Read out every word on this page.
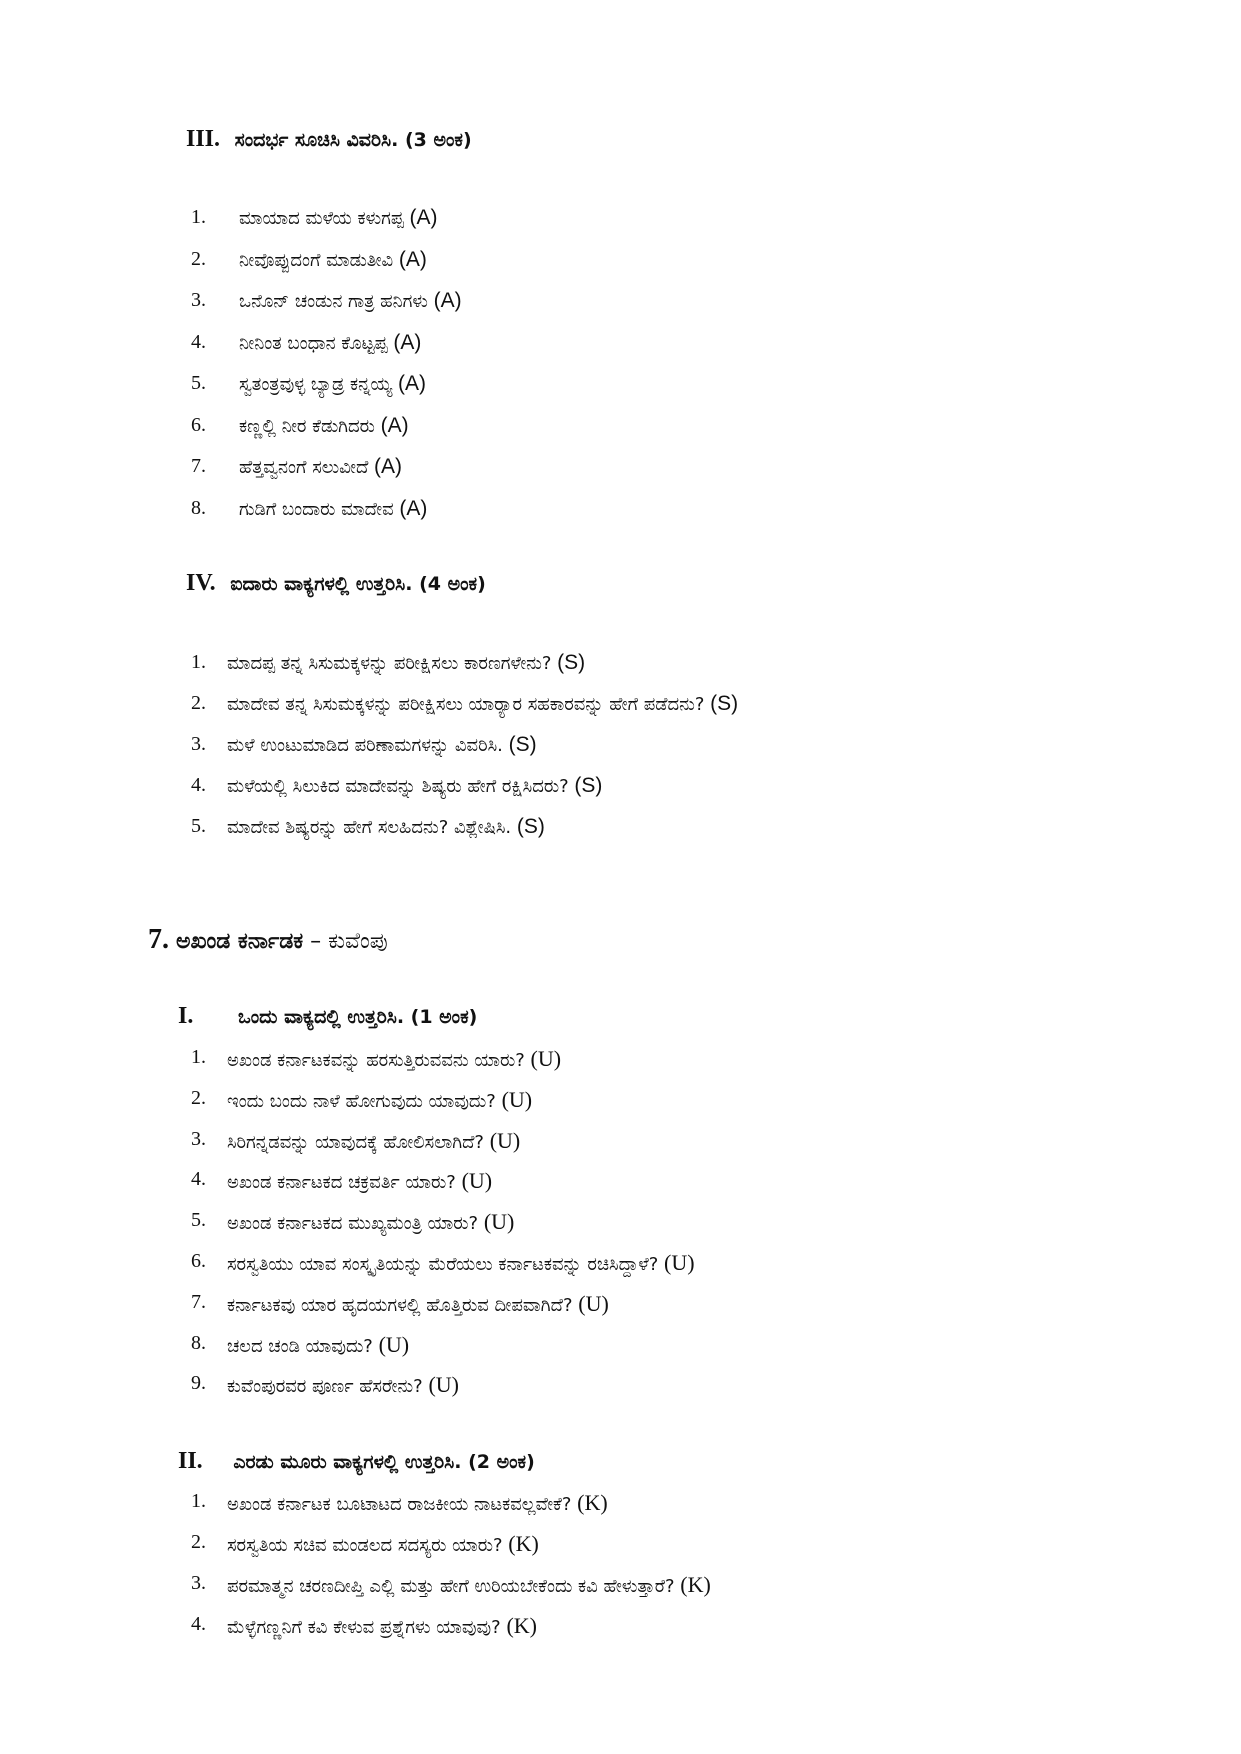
III. ಸಂದರ್ಭ ಸೂಚಿಸಿ ವಿವರಿಸಿ. (3 ಅಂಕ)
1. ಮಾಯಾದ ಮಳೆಯ ಕಳುಗಪ್ಪ (A)
2. ನೀವೊಪ್ಪುದಂಗೆ ಮಾಡುತೀವಿ (A)
3. ಒನೊನ್ ಚಂಡುನ ಗಾತ್ರ ಹನಿಗಳು (A)
4. ನೀನಿಂತ ಬಂಧಾನ ಕೊಟ್ಟಪ್ಪ (A)
5. ಸ್ವತಂತ್ರವುಳ್ಳ ಬ್ಯಾಡ್ರ ಕನ್ನಯ್ಯ (A)
6. ಕಣ್ಣಲ್ಲಿ ನೀರ ಕೆಡುಗಿದರು (A)
7. ಹೆತ್ತವ್ವನಂಗೆ ಸಲುವೀದೆ (A)
8. ಗುಡಿಗೆ ಬಂದಾರು ಮಾದೇವ (A)
IV. ಐದಾರು ವಾಕ್ಯಗಳಲ್ಲಿ ಉತ್ತರಿಸಿ. (4 ಅಂಕ)
1. ಮಾದಪ್ಪ ತನ್ನ ಸಿಸುಮಕ್ಕಳನ್ನು ಪರೀಕ್ಷಿಸಲು ಕಾರಣಗಳೇನು? (S)
2. ಮಾದೇವ ತನ್ನ ಸಿಸುಮಕ್ಕಳನ್ನು ಪರೀಕ್ಷಿಸಲು ಯಾರ್‍ಯಾರ ಸಹಕಾರವನ್ನು ಹೇಗೆ ಪಡೆದನು? (S)
3. ಮಳೆ ಉಂಟುಮಾಡಿದ ಪರಿಣಾಮಗಳನ್ನು ವಿವರಿಸಿ. (S)
4. ಮಳೆಯಲ್ಲಿ ಸಿಲುಕಿದ ಮಾದೇವನ್ನು ಶಿಷ್ಯರು ಹೇಗೆ ರಕ್ಷಿಸಿದರು? (S)
5. ಮಾದೇವ ಶಿಷ್ಯರನ್ನು ಹೇಗೆ ಸಲಹಿದನು? ವಿಶ್ಲೇಷಿಸಿ. (S)
7. ಅಖಂಡ ಕರ್ನಾಡಕ – ಕುವೆಂಪು
I. ಒಂದು ವಾಕ್ಯದಲ್ಲಿ ಉತ್ತರಿಸಿ. (1 ಅಂಕ)
1. ಅಖಂಡ ಕರ್ನಾಟಕವನ್ನು ಹರಸುತ್ತಿರುವವನು ಯಾರು? (U)
2. ಇಂದು ಬಂದು ನಾಳೆ ಹೋಗುವುದು ಯಾವುದು? (U)
3. ಸಿರಿಗನ್ನಡವನ್ನು ಯಾವುದಕ್ಕೆ ಹೋಲಿಸಲಾಗಿದೆ? (U)
4. ಅಖಂಡ ಕರ್ನಾಟಕದ ಚಕ್ರವರ್ತಿ ಯಾರು? (U)
5. ಅಖಂಡ ಕರ್ನಾಟಕದ ಮುಖ್ಯಮಂತ್ರಿ ಯಾರು? (U)
6. ಸರಸ್ವತಿಯು ಯಾವ ಸಂಸ್ಕೃತಿಯನ್ನು ಮೆರೆಯಲು ಕರ್ನಾಟಕವನ್ನು ರಚಿಸಿದ್ದಾಳೆ? (U)
7. ಕರ್ನಾಟಕವು ಯಾರ ಹೃದಯಗಳಲ್ಲಿ ಹೊತ್ತಿರುವ ದೀಪವಾಗಿದೆ? (U)
8. ಚಲದ ಚಂಡಿ ಯಾವುದು? (U)
9. ಕುವೆಂಪುರವರ ಪೂರ್ಣ ಹೆಸರೇನು? (U)
II. ಎರಡು ಮೂರು ವಾಕ್ಯಗಳಲ್ಲಿ ಉತ್ತರಿಸಿ. (2 ಅಂಕ)
1. ಅಖಂಡ ಕರ್ನಾಟಕ ಬೂಟಾಟದ ರಾಜಕೀಯ ನಾಟಕವಲ್ಲವೇಕೆ? (K)
2. ಸರಸ್ವತಿಯ ಸಚಿವ ಮಂಡಲದ ಸದಸ್ಯರು ಯಾರು? (K)
3. ಪರಮಾತ್ಮನ ಚರಣದೀಪ್ತಿ ಎಲ್ಲಿ ಮತ್ತು ಹೇಗೆ ಉರಿಯಬೇಕೆಂದು ಕವಿ ಹೇಳುತ್ತಾರೆ? (K)
4. ಮೆಳ್ಳೆಗಣ್ಣನಿಗೆ ಕವಿ ಕೇಳುವ ಪ್ರಶ್ನೆಗಳು ಯಾವುವು? (K)
